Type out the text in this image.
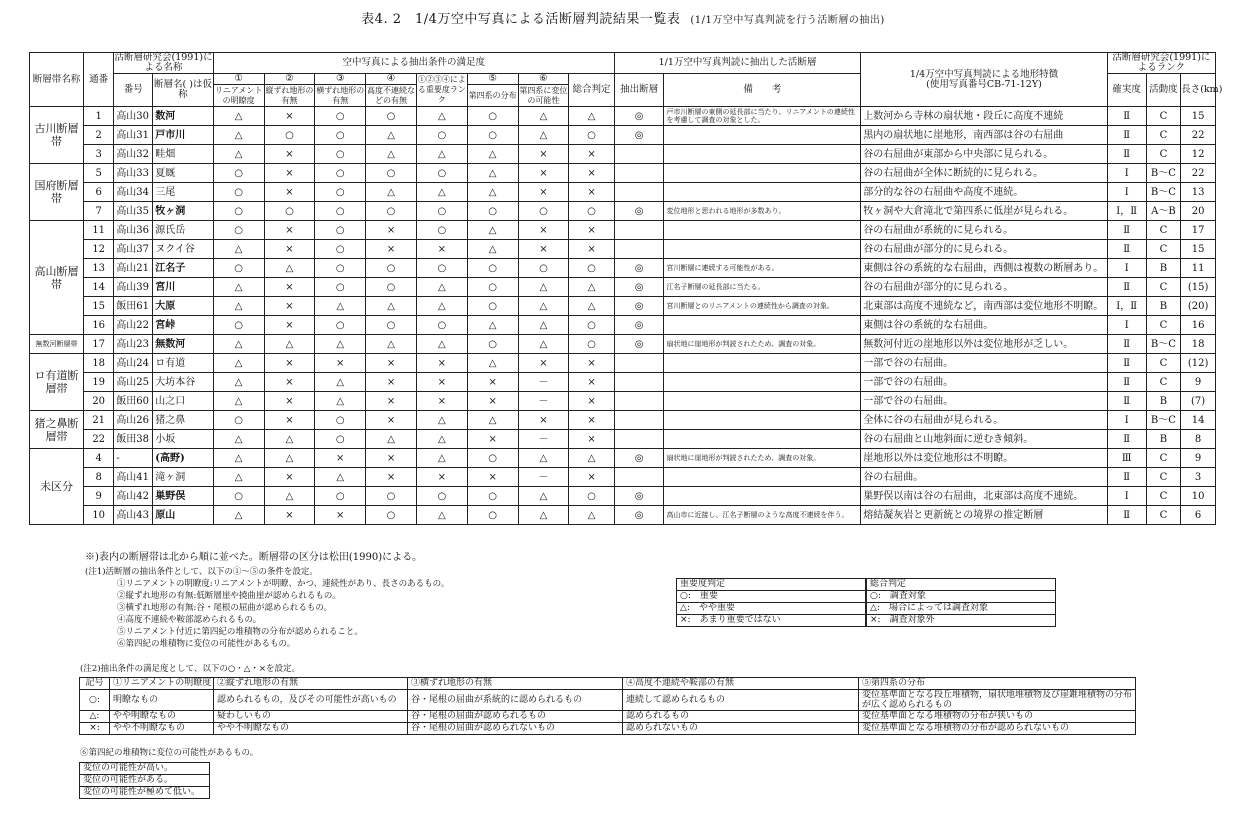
表4. 2　1/4万空中写真による活断層判読結果一覧表 (1/1万空中写真判読を行う活断層の抽出)
断層帯名称	通番	活断層研究会(1991)による名称		空中写真による抽出条件の満足度								1/1万空中写真判読に抽出した活断層		1/4万空中写真判読による地形特徴
(使用写真番号CB-71-12Y)	活断層研究会(1991)によるランク		
		番号	断層名( )は仮称	①	②	③	④	①②③④による重要度ランク	⑤	⑥	総合判定	抽出断層	備　　考		確実度	活動度	長さ(km)
				リニアメントの明瞭度	縦ずれ地形の有無	横ずれ地形の有無	高度不連続などの有無		第四系の分布	第四系に変位の可能性							
古川断層帯	1	高山30	数河	△	×	○	○	△	○	△	△	◎	戸市川断層の東側の延長部に当たり、リニアメントの連続性を考慮して調査の対象とした。	上数河から寺林の扇状地・段丘に高度不連続	Ⅱ	C	15
	2	高山31	戸市川	△	○	○	△	○	○	△	○	◎		黒内の扇状地に崖地形，南西部は谷の右屈曲	Ⅱ	C	22
	3	高山32	畦畑	△	×	○	△	△	△	×	×			谷の右屈曲が東部から中央部に見られる。	Ⅱ	C	12
国府断層帯	5	高山33	夏厩	○	×	○	○	○	△	×	×			谷の右屈曲が全体に断続的に見られる。	Ⅰ	B～C	22
	6	高山34	三尾	○	×	○	△	△	△	×	×			部分的な谷の右屈曲や高度不連続。	Ⅰ	B～C	13
	7	高山35	牧ヶ洞	○	○	○	○	○	○	○	○	◎	変位地形と思われる地形が多数あり。	牧ヶ洞や大倉滝北で第四系に低崖が見られる。	Ⅰ，Ⅱ	A～B	20
高山断層帯	11	高山36	源氏岳	○	×	○	×	○	△	×	×			谷の右屈曲が系統的に見られる。	Ⅱ	C	17
	12	高山37	ヌクイ谷	△	×	○	×	×	△	×	×			谷の右屈曲が部分的に見られる。	Ⅱ	C	15
	13	高山21	江名子	○	△	○	○	○	○	○	○	◎	宮川断層に連続する可能性がある。	東側は谷の系統的な右屈曲，西側は複数の断層あり。	Ⅰ	B	11
	14	高山39	宮川	△	×	○	○	△	○	△	△	◎	江名子断層の延長部に当たる。	谷の右屈曲が部分的に見られる。	Ⅱ	C	(15)
	15	飯田61	大原	△	×	△	△	△	○	△	△	◎	宮川断層とのリニアメントの連続性から調査の対象。	北東部は高度不連続など，南西部は変位地形不明瞭。	Ⅰ，Ⅱ	B	(20)
	16	高山22	宮峠	○	×	○	○	○	△	△	○	◎		東側は谷の系統的な右屈曲。	Ⅰ	C	16
無数河断層帯	17	高山23	無数河	△	△	△	△	△	○	△	○	◎	扇状地に崖地形が判読されたため、調査の対象。	無数河付近の崖地形以外は変位地形が乏しい。	Ⅱ	B～C	18
ロ有道断層帯	18	高山24	ロ有道	△	×	×	×	×	△	×	×			一部で谷の右屈曲。	Ⅱ	C	(12)
	19	高山25	大坊本谷	△	×	△	×	×	×	－	×			一部で谷の右屈曲。	Ⅱ	C	9
	20	飯田60	山之口	△	×	△	×	×	×	－	×			一部で谷の右屈曲。	Ⅱ	B	(7)
猪之鼻断層帯	21	高山26	猪之鼻	○	×	○	×	△	△	×	×			全体に谷の右屈曲が見られる。	Ⅰ	B～C	14
	22	飯田38	小坂	△	△	○	△	△	×	－	×			谷の右屈曲と山地斜面に逆むき傾斜。	Ⅱ	B	8
未区分	4	-	(高野)	△	△	×	×	△	○	△	△	◎	扇状地に崖地形が判読されたため、調査の対象。	崖地形以外は変位地形は不明瞭。	Ⅲ	C	9
	8	高山41	滝ヶ洞	△	×	△	×	×	×	－	×			谷の右屈曲。	Ⅱ	C	3
	9	高山42	巣野俣	○	△	○	○	○	○	△	○	◎		巣野俣以南は谷の右屈曲，北東部は高度不連続。	Ⅰ	C	10
	10	高山43	原山	△	×	×	○	△	○	△	△	◎	高山市に近接し、江名子断層のような高度不連続を伴う。	熔結凝灰岩と更新統との境界の推定断層	Ⅱ	C	6
※)表内の断層帯は北から順に並べた。断層帯の区分は松田(1990)による。
(注1)活断層の抽出条件として、以下の①～⑤の条件を設定。
①リニアメントの明瞭度:リニアメントが明瞭、かつ、連続性があり、長さのあるもの。
②縦ずれ地形の有無:低断層崖や撓曲崖が認められるもの。
③横ずれ地形の有無:谷・尾根の屈曲が認められるもの。
④高度不連続や鞍部認められるもの。
⑤リニアメント付近に第四紀の堆積物の分布が認められること。
⑥第四紀の堆積物に変位の可能性があるもの。
(注2)抽出条件の満足度として、以下の○・△・×を設定。
重要度判定
○:　重要
△:　やや重要
×:　あまり重要ではない
総合判定
○:　調査対象
△:　場合によっては調査対象
×:　調査対象外
記号	①リニアメントの明瞭度	②縦ずれ地形の有無	③横ずれ地形の有無	④高度不連続や鞍部の有無	⑤第四系の分布
○:	明瞭なもの	認められるもの，及びその可能性が高いもの	谷・尾根の屈曲が系統的に認められるもの	連続して認められるもの	変位基準面となる段丘堆積物，扇状地堆積物及び崖錐堆積物の分布が広く認められるもの
△:	やや明瞭なもの	疑わしいもの	谷・尾根の屈曲が認められるもの	認められるもの	変位基準面となる堆積物の分布が狭いもの
×:	やや不明瞭なもの	やや不明瞭なもの	谷・尾根の屈曲が認められないもの	認められないもの	変位基準面となる堆積物の分布が認められないもの
⑥第四紀の堆積物に変位の可能性があるもの。
変位の可能性が高い。
変位の可能性がある。
変位の可能性が極めて低い。
